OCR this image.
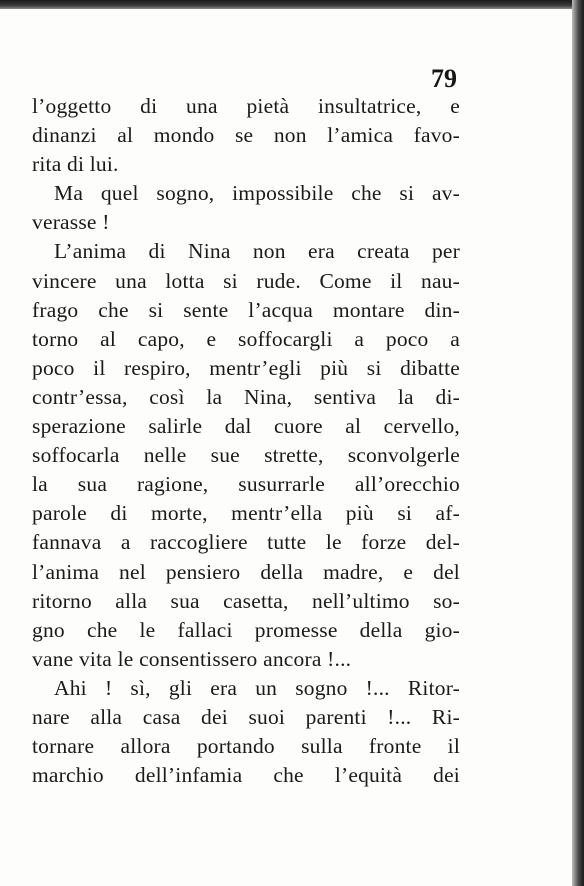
79
l’oggetto di una pietà insultatrice, e
dinanzi al mondo se non l’amica favo-
rita di lui.
Ma quel sogno, impossibile che si av-
verasse !
L’anima di Nina non era creata per
vincere una lotta si rude. Come il nau-
frago che si sente l’acqua montare din-
torno al capo, e soffocargli a poco a
poco il respiro, mentr’egli più si dibatte
contr’essa, così la Nina, sentiva la di-
sperazione salirle dal cuore al cervello,
soffocarla nelle sue strette, sconvolgerle
la sua ragione, susurrarle all’orecchio
parole di morte, mentr’ella più si af-
fannava a raccogliere tutte le forze del-
l’anima nel pensiero della madre, e del
ritorno alla sua casetta, nell’ultimo so-
gno che le fallaci promesse della gio-
vane vita le consentissero ancora !...
Ahi ! sì, gli era un sogno !... Ritor-
nare alla casa dei suoi parenti !... Ri-
tornare allora portando sulla fronte il
marchio dell’infamia che l’equità dei
